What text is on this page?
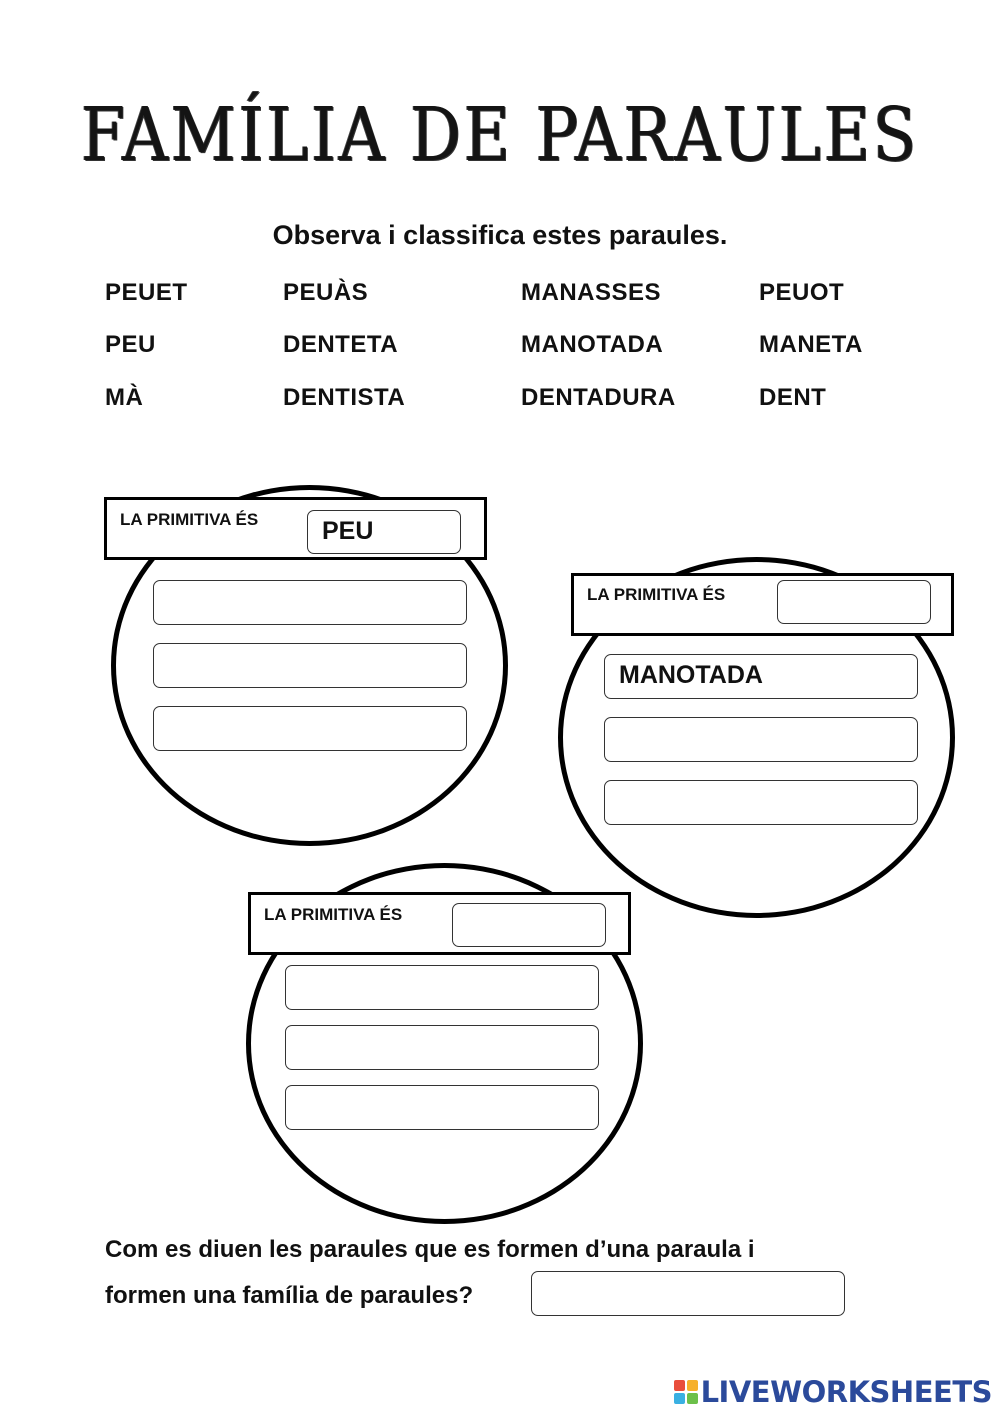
FAMÍLIA DE PARAULES
Observa i classifica estes paraules.
PEUET	PEUÀS	MANASSES	PEUOT
PEU	DENTETA	MANOTADA	MANETA
MÀ	DENTISTA	DENTADURA	DENT
LA PRIMITIVA ÉS	PEU
LA PRIMITIVA ÉS
MANOTADA
LA PRIMITIVA ÉS
Com es diuen les paraules que es formen d’una paraula i
formen una família de paraules?
LIVEWORKSHEETS
